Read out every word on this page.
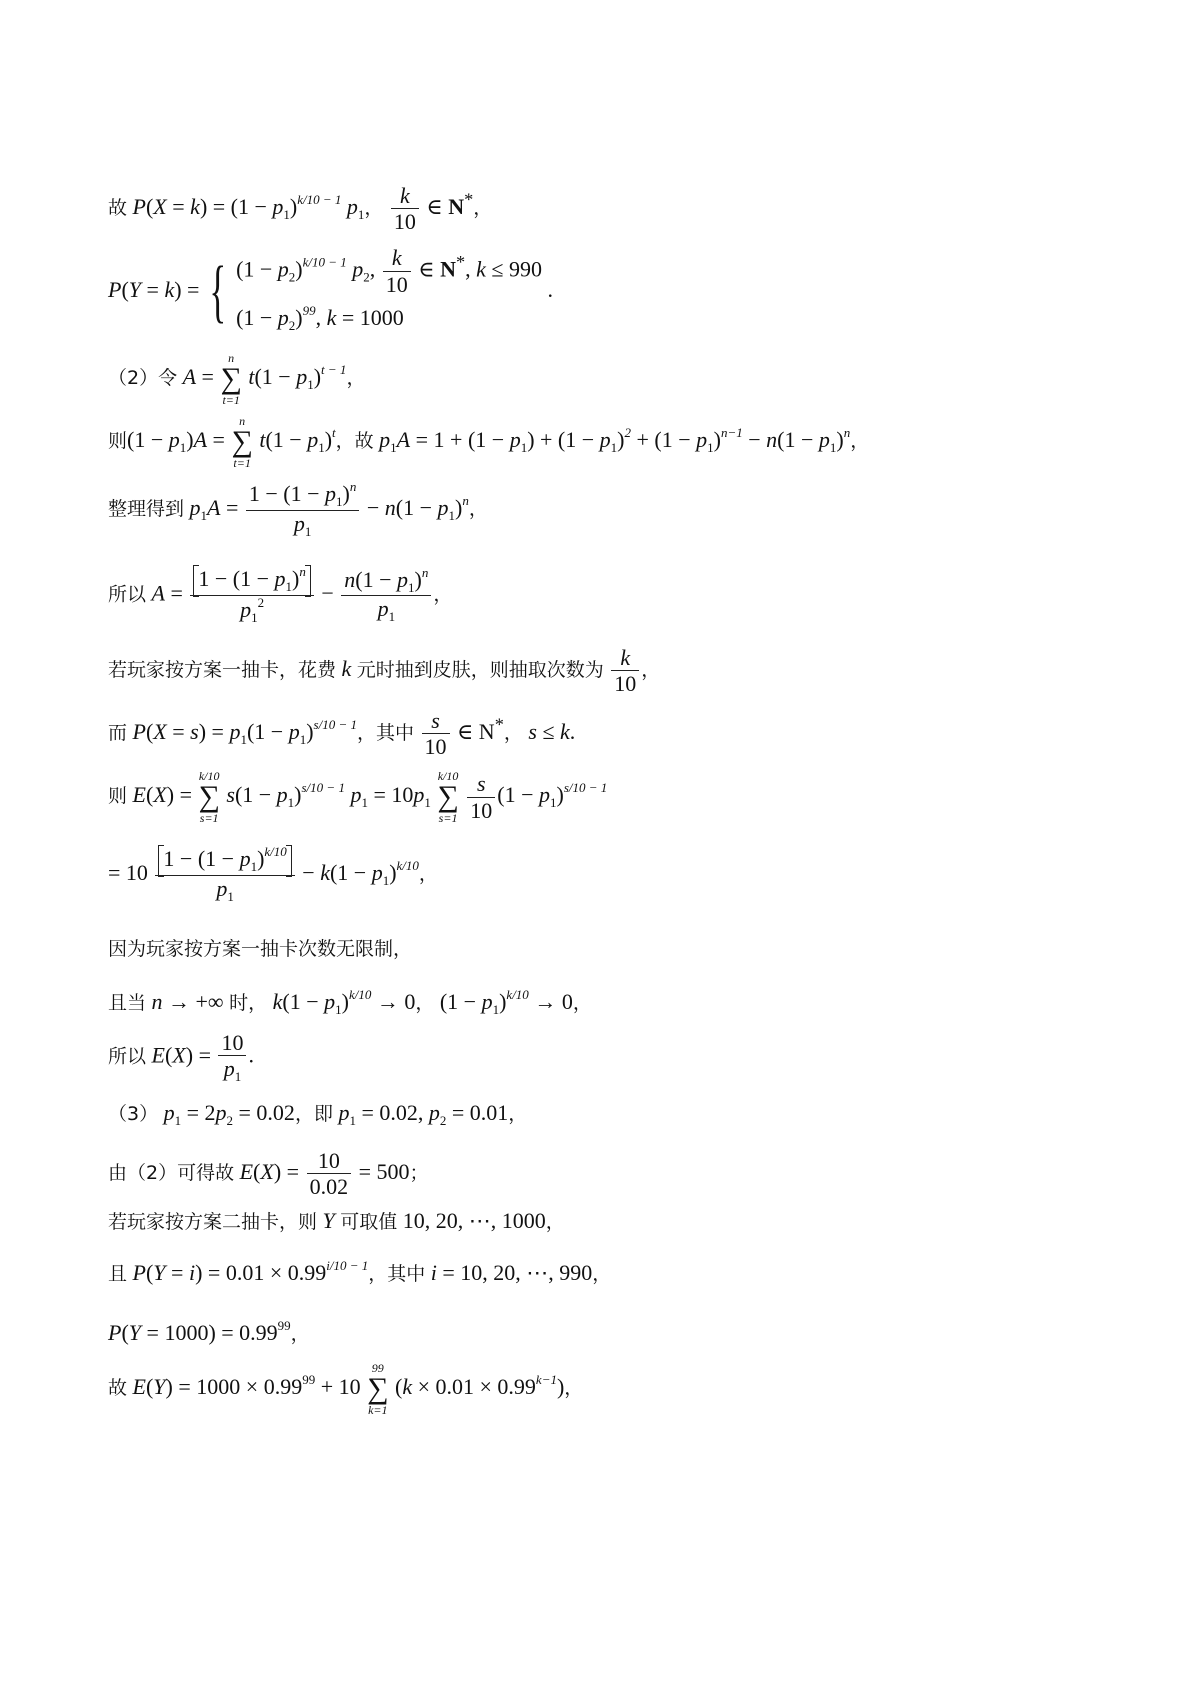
故 $P(X = k) = (1 - p_1)^{k/10 - 1}$ $p_1$， $\frac{k}{10}$ ∈ N*，
P(Y = k) = { $(1 - p_2)^{k/10 - 1}$ $p_2$, $\frac{k}{10}$ ∈ N*, k ≤ 990
$(1 - p_2)^{99}$, k = 1000
.
（2）令 A =
n
∑
t=1
$t(1 - p_1)^{t - 1}$，
则$(1 - p_1)A$ =
n
∑
t=1
$t(1 - p_1)^t$，故 $p_1A = 1 + (1 - p_1) + (1 - p_1)^2 + (1 - p_1)^{n-1} - n(1 - p_1)^n$，
整理得到 $p_1A = \frac{1 - (1 - p_1)^n}{p_1} - n(1 - p_1)^n$，
所以 $A = \frac{1 - (1 - p_1)^n}{p_1^2} - \frac{n(1 - p_1)^n}{p_1}$ ，
若玩家按方案一抽卡，花费 k 元时抽到皮肤，则抽取次数为 $\frac{k}{10}$ ，
而 $P(X = s) = p_1(1 - p_1)^{s/10 - 1}$，其中 $\frac{s}{10}$ ∈ N*， s ≤ k.
则 E(X) =
k/10
∑
s=1
$s(1 - p_1)^{s/10 - 1}$ $p_1 = 10p_1$
k/10
∑
s=1
$\frac{s}{10} (1 - p_1)^{s/10 - 1}$
= $10 \frac{1 - (1 - p_1)^{k/10}}{p_1} - k(1 - p_1)^{k/10}$，
因为玩家按方案一抽卡次数无限制，
且当 n → +∞ 时， $k(1 - p_1)^{k/10} \to 0$， $(1 - p_1)^{k/10} \to 0$，
所以 $E(X) = \frac{10}{p_1}$ .
（3） $p_1 = 2p_2 = 0.02$，即 $p_1 = 0.02$, $p_2 = 0.01$，
由（2）可得故 $E(X) = \frac{10}{0.02} = 500$；
若玩家按方案二抽卡，则 Y 可取值 10, 20, ⋯, 1000，
且 $P(Y = i) = 0.01 \times 0.99^{i/10 - 1}$，其中 i = 10, 20, ⋯, 990，
$P(Y = 1000) = 0.99^{99}$，
故 $E(Y) = 1000 \times 0.99^{99} + 10$
99
∑
k=1
$(k \times 0.01 \times 0.99^{k-1})$，
